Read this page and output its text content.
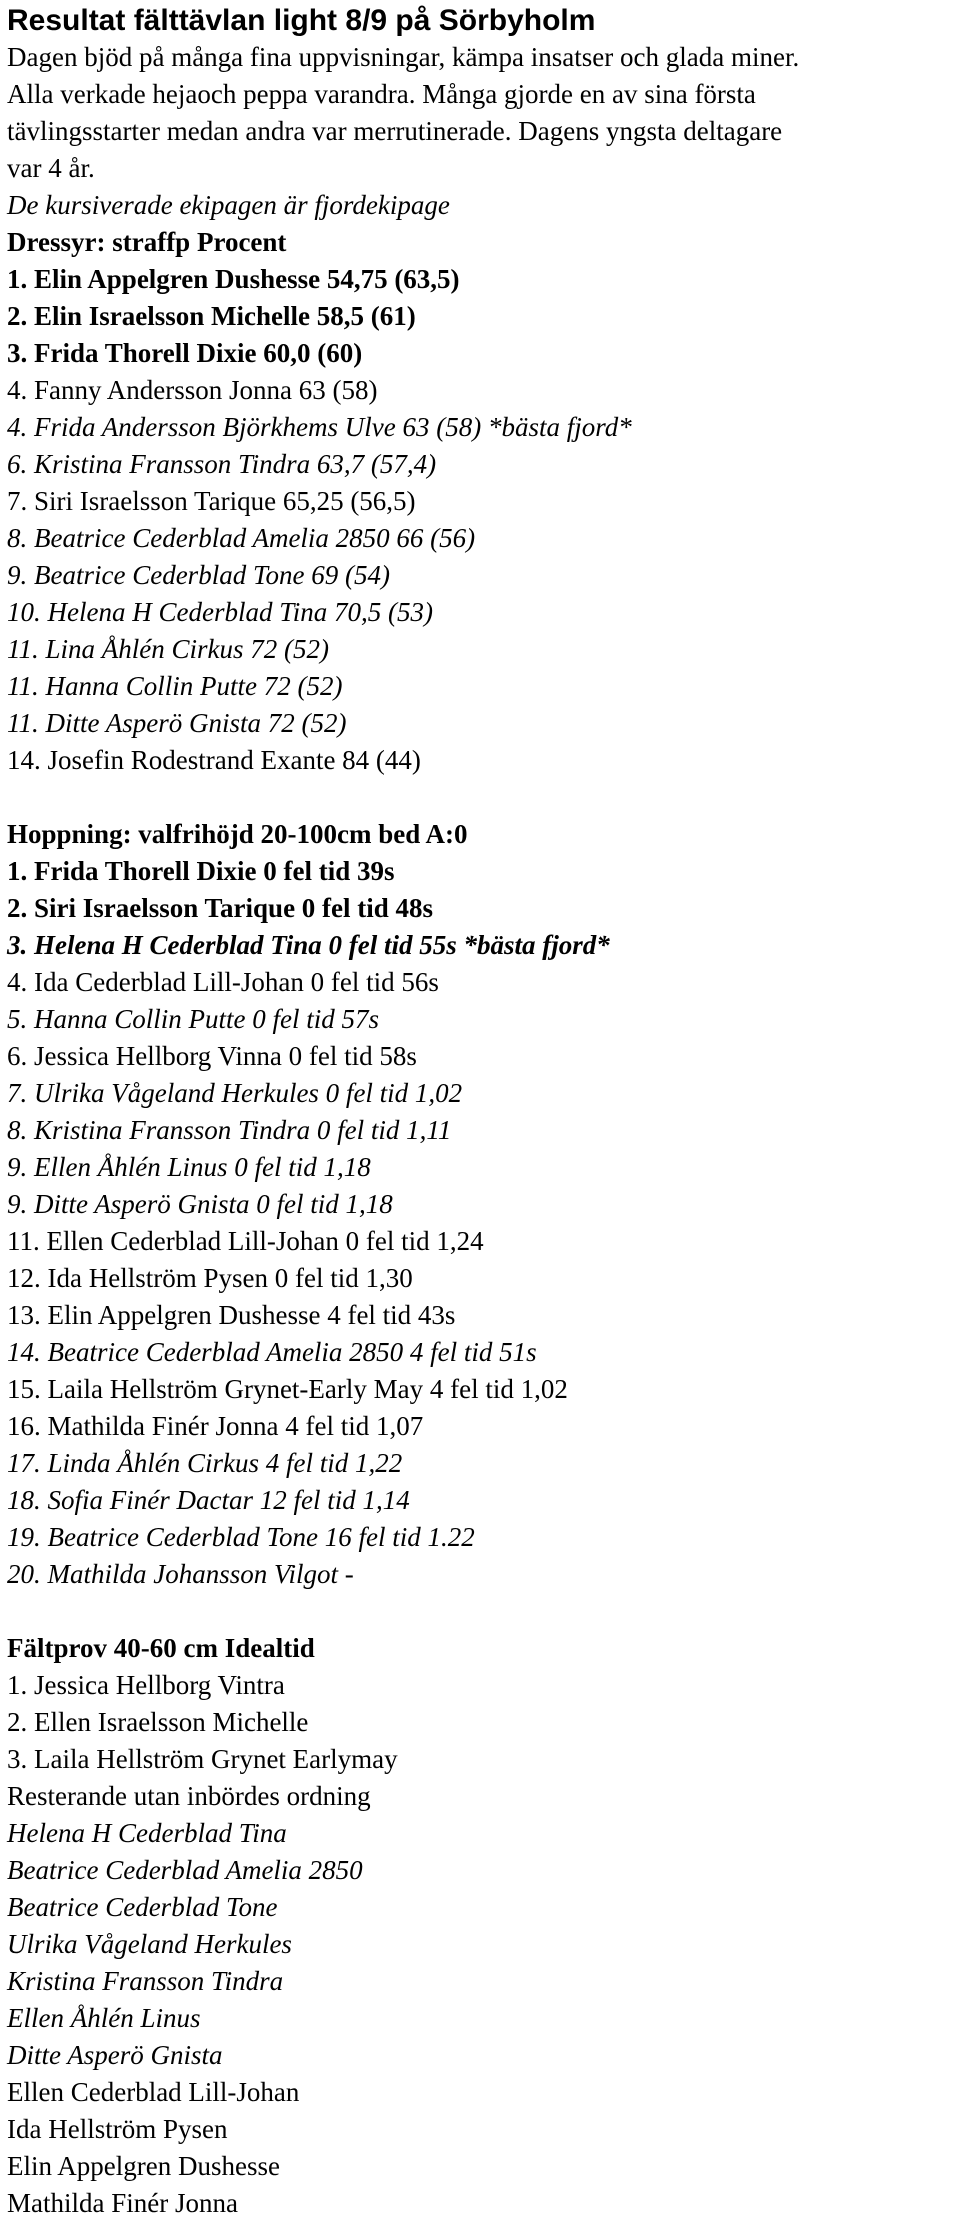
Resultat fälttävlan light 8/9 på Sörbyholm
Dagen bjöd på många fina uppvisningar, kämpa insatser och glada miner.
Alla verkade hejaoch peppa varandra. Många gjorde en av sina första
tävlingsstarter medan andra var merrutinerade. Dagens yngsta deltagare
var 4 år.
De kursiverade ekipagen är fjordekipage
Dressyr: straffp Procent
1. Elin Appelgren Dushesse 54,75 (63,5)
2. Elin Israelsson Michelle 58,5 (61)
3. Frida Thorell Dixie 60,0 (60)
4. Fanny Andersson Jonna 63 (58)
4. Frida Andersson Björkhems Ulve 63 (58) *bästa fjord*
6. Kristina Fransson Tindra 63,7 (57,4)
7. Siri Israelsson Tarique 65,25 (56,5)
8. Beatrice Cederblad Amelia 2850 66 (56)
9. Beatrice Cederblad Tone 69 (54)
10. Helena H Cederblad Tina 70,5 (53)
11. Lina Åhlén Cirkus 72 (52)
11. Hanna Collin Putte 72 (52)
11. Ditte Asperö Gnista 72 (52)
14. Josefin Rodestrand Exante 84 (44)
Hoppning: valfrihöjd 20-100cm bed A:0
1. Frida Thorell Dixie 0 fel tid 39s
2. Siri Israelsson Tarique 0 fel tid 48s
3. Helena H Cederblad Tina 0 fel tid 55s *bästa fjord*
4. Ida Cederblad Lill-Johan 0 fel tid 56s
5. Hanna Collin Putte 0 fel tid 57s
6. Jessica Hellborg Vinna 0 fel tid 58s
7. Ulrika Vågeland Herkules 0 fel tid 1,02
8. Kristina Fransson Tindra 0 fel tid 1,11
9. Ellen Åhlén Linus 0 fel tid 1,18
9. Ditte Asperö Gnista 0 fel tid 1,18
11. Ellen Cederblad Lill-Johan 0 fel tid 1,24
12. Ida Hellström Pysen 0 fel tid 1,30
13. Elin Appelgren Dushesse 4 fel tid 43s
14. Beatrice Cederblad Amelia 2850 4 fel tid 51s
15. Laila Hellström Grynet-Early May 4 fel tid 1,02
16. Mathilda Finér Jonna 4 fel tid 1,07
17. Linda Åhlén Cirkus 4 fel tid 1,22
18. Sofia Finér Dactar 12 fel tid 1,14
19. Beatrice Cederblad Tone 16 fel tid 1.22
20. Mathilda Johansson Vilgot -
Fältprov 40-60 cm Idealtid
1. Jessica Hellborg Vintra
2. Ellen Israelsson Michelle
3. Laila Hellström Grynet Earlymay
Resterande utan inbördes ordning
Helena H Cederblad Tina
Beatrice Cederblad Amelia 2850
Beatrice Cederblad Tone
Ulrika Vågeland Herkules
Kristina Fransson Tindra
Ellen Åhlén Linus
Ditte Asperö Gnista
Ellen Cederblad Lill-Johan
Ida Hellström Pysen
Elin Appelgren Dushesse
Mathilda Finér Jonna
